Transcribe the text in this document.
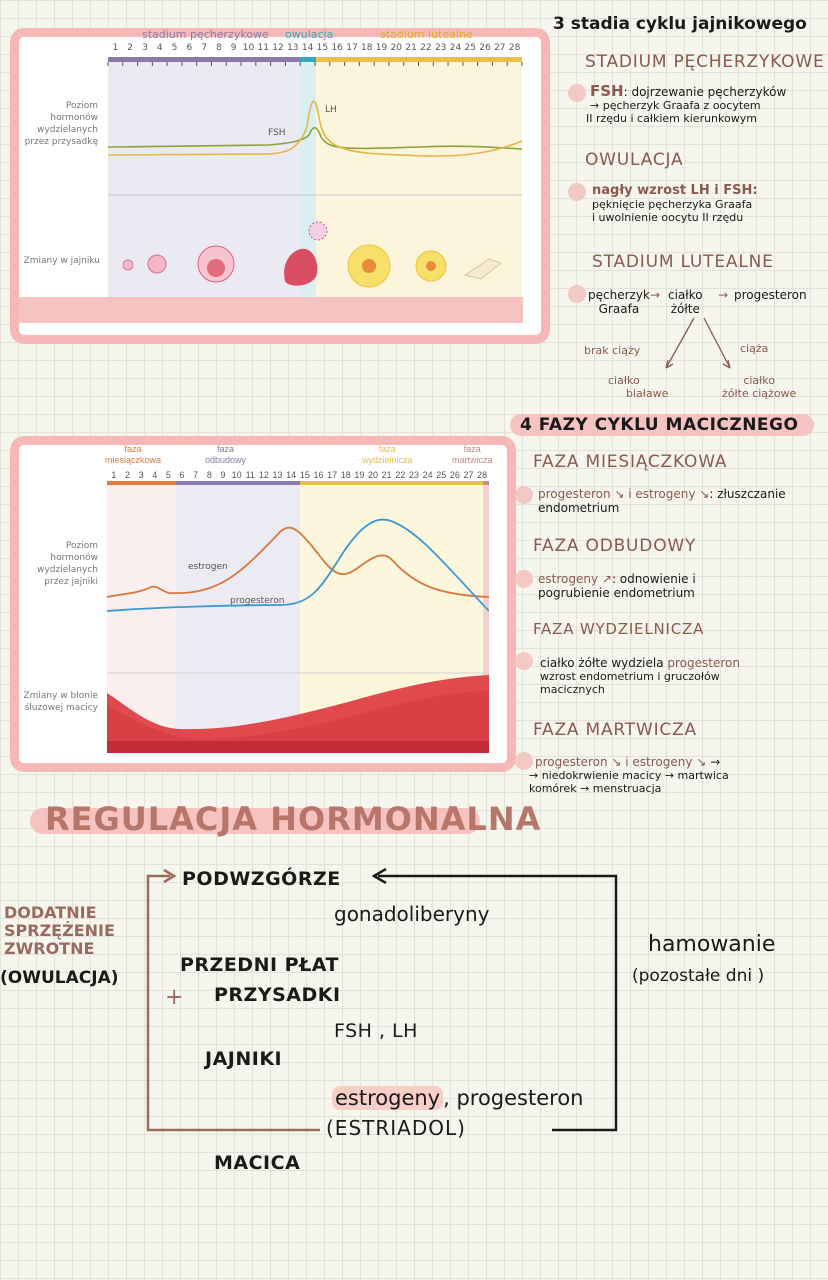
stadium pęcherzykowe owulacja	stadium lutealne
1	2	3	4	5	6	7	8	9 10 11 12 13 14 15 16 17 18 19 20 21 22 23 24 25 26 27 28
Poziom
hormonów
wydzielanych
przez przysadkę
Zmiany w jajniku
LH
FSH
1 2 3 4 5 6 7 8 9 10 11 12 13 14 15 16 17 18 19 20 21 22 23 24 25 26 27 28
faza
miesiączkowa
faza
odbudowy
faza
wydzielnicza
faza
martwicza
Poziom
hormonów
wydzielanych
przez jajniki
Zmiany w błonie
śluzowej macicy
estrogen
progesteron
3 stadia cyklu jajnikowego
STADIUM PĘCHERZYKOWE
FSH: dojrzewanie pęcherzyków
→ pęcherzyk Graafa z oocytem
II rzędu i całkiem kierunkowym
OWULACJA
nagły wzrost LH i FSH:
pęknięcie pęcherzyka Graafa
i uwolnienie oocytu II rzędu
STADIUM LUTEALNE
pęcherzyk
Graafa
→ ciałko
żółte
→ progesteron
brak ciąży	ciąża
ciałko
białawe
ciałko
żółte ciążowe
4 FAZY CYKLU MACICZNEGO
FAZA MIESIĄCZKOWA
progesteron ↘ i estrogeny ↘: złuszczanie
endometrium
FAZA ODBUDOWY
estrogeny ↗: odnowienie i
pogrubienie endometrium
FAZA WYDZIELNICZA
ciałko żółte wydziela progesteron
wzrost endometrium i gruczołów
macicznych
FAZA MARTWICZA
progesteron ↘ i estrogeny ↘ →
→ niedokrwienie macicy → martwica
komórek → menstruacja
REGULACJA HORMONALNA
PODWZGÓRZE
gonadoliberyny
PRZEDNI PŁAT
PRZYSADKI
+
FSH , LH
JAJNIKI
estrogeny , progesteron
(ESTRIADOL)
MACICA
DODATNIE
SPRZĘŻENIE
ZWROTNE
(OWULACJA)
hamowanie
(pozostałe dni )
